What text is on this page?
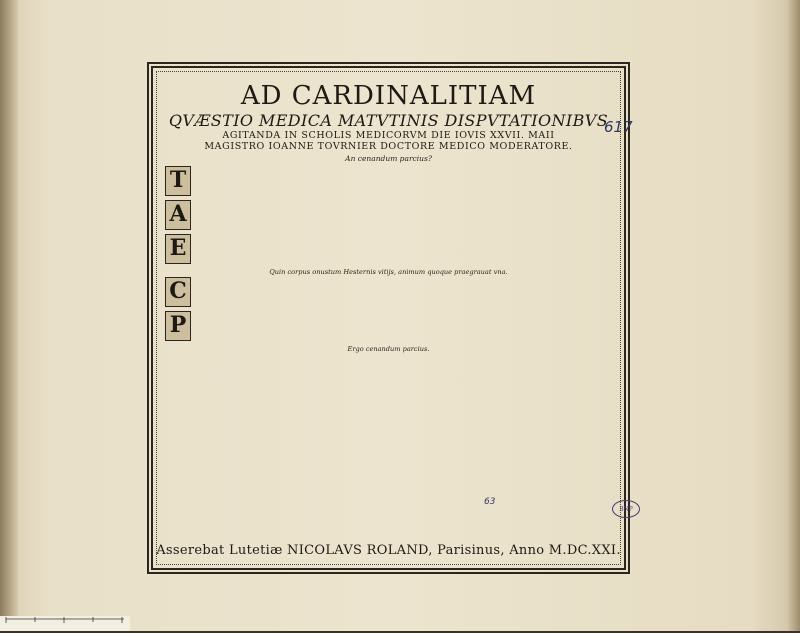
AD CARDINALITIAM
QVÆSTIO MEDICA MATVTINIS DISPVTATIONIBVS
AGITANDA IN SCHOLIS MEDICORVM DIE IOVIS XXVII. MAII
MAGISTRO IOANNE TOVRNIER DOCTORE MEDICO MODERATORE.
An cenandum parcius?
T
A
E
Quin corpus onustum Hesternis vitijs, animum quoque praegrauat vna.
C
P
Ergo cenandum parcius.
Asserebat Lutetiæ NICOLAVS ROLAND, Parisinus, Anno M.DC.XXI.
617
63
BNP
